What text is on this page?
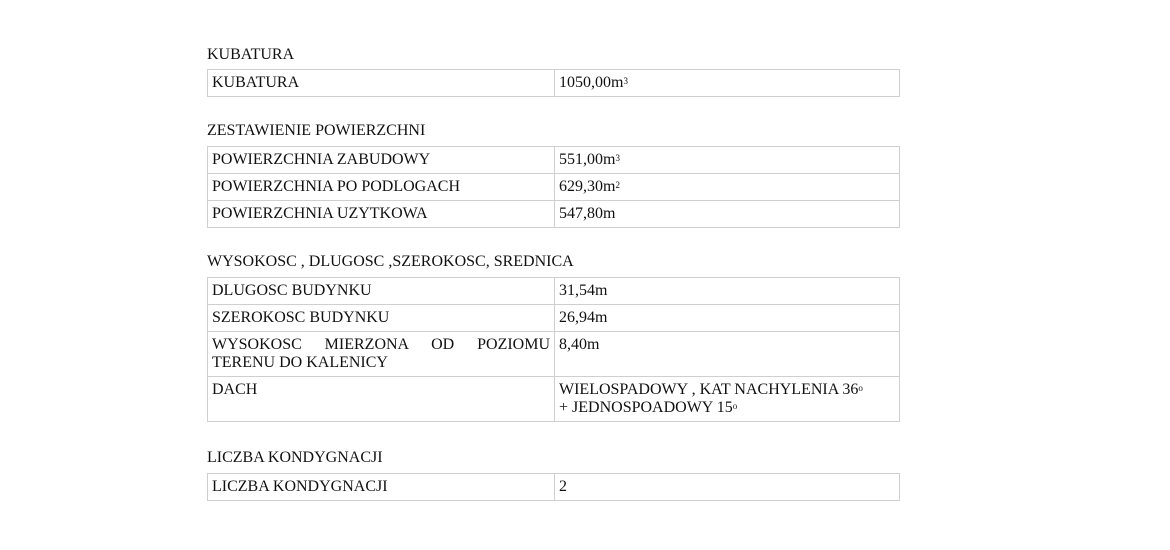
KUBATURA
KUBATURA	$1050,00m^3$
ZESTAWIENIE POWIERZCHNI
POWIERZCHNIA ZABUDOWY	$551,00m^3$
POWIERZCHNIA PO PODLOGACH	$629,30m^2$
POWIERZCHNIA UZYTKOWA	547,80m
WYSOKOSC , DLUGOSC ,SZEROKOSC, SREDNICA
DLUGOSC BUDYNKU	31,54m
SZEROKOSC BUDYNKU	26,94m
WYSOKOSC MIERZONA OD POZIOMU TERENU DO KALENICY	8,40m
DACH	WIELOSPADOWY , KAT NACHYLENIA $36^o$
+ JEDNOSPOADOWY 15$^o$
LICZBA KONDYGNACJI
LICZBA KONDYGNACJI	2
